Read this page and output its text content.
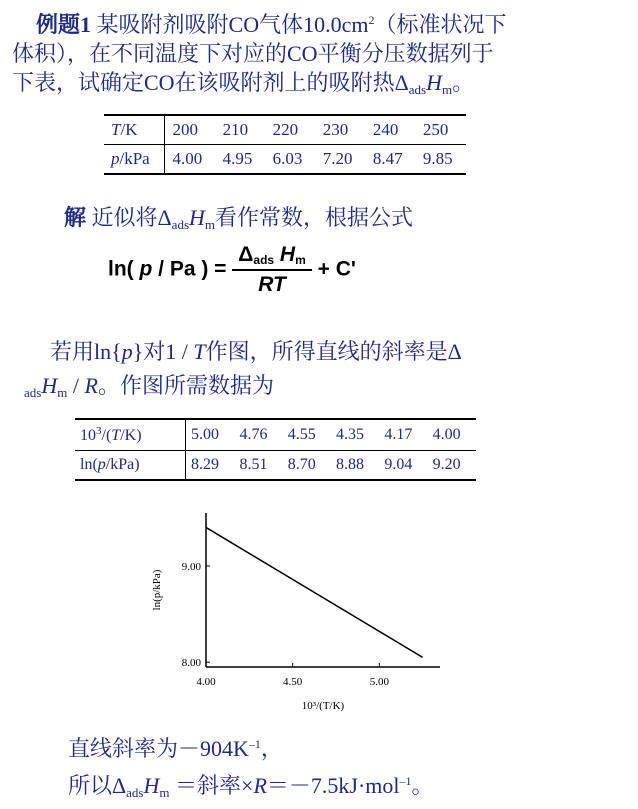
例题1 某吸附剂吸附CO气体$10.0cm^2$（标准状况下
体积），在不同温度下对应的CO平衡分压数据列于
下表，试确定CO在该吸附剂上的吸附热$\Delta_{ads}H_m$。
T/K	200	210	220	230	240	250
p/kPa	4.00	4.95	6.03	7.20	8.47	9.85
解 近似将$\Delta_{ads}H_m$看作常数，根据公式
ln( p / Pa ) = $\frac{\text{Δads Hm}}{RT} + C'$
若用ln{p}对1 / T作图，所得直线的斜率是Δ
$_{ads}H_m$ / R。作图所需数据为
$10^3/(T/K)$	5.00	4.76	4.55	4.35	4.17	4.00
ln(p/kPa)	8.29	8.51	8.70	8.88	9.04	9.20
4.00	4.50	5.00
8.00
9.00
10³/(T/K)
ln(p/kPa)
直线斜率为$-904K^{-1}$，
所以$\Delta_{ads}H_m$ ＝斜率×R＝－7.5kJ·mol$^{-1}$。
